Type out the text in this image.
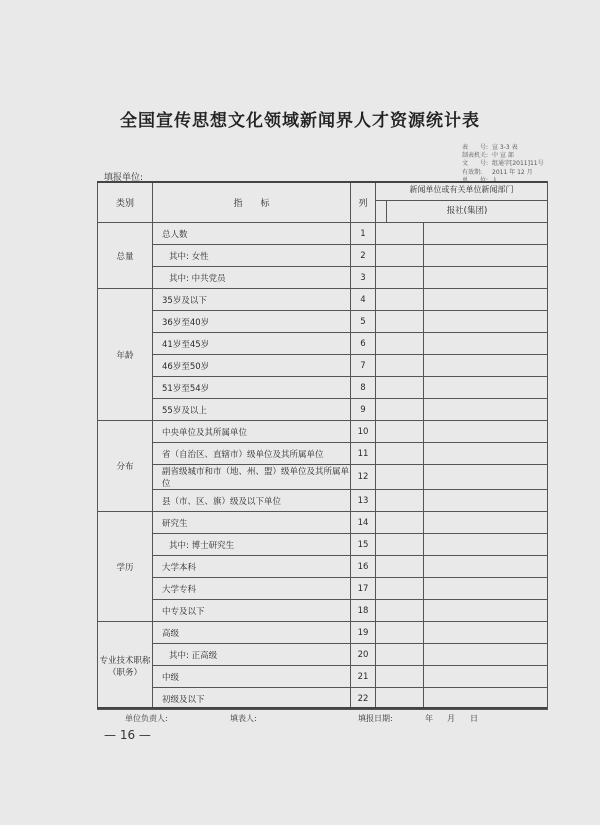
全国宣传思想文化领域新闻界人才资源统计表
表　　号: 宣 3-3 表
制表机关: 中 宣 部
文　　号: 组通字[2011]11号
有效期:	2011 年 12 月
单　　位: 人
填报单位:
类别	指　　标	列	新闻单位或有关单位新闻部门
报社(集团)	

总量	总人数	1		
	其中: 女性	2		
	其中: 中共党员	3		
年龄	35岁及以下	4		
	36岁至40岁	5		
	41岁至45岁	6		
	46岁至50岁	7		
	51岁至54岁	8		
	55岁及以上	9		
分布	中央单位及其所属单位	10		
	省（自治区、直辖市）级单位及其所属单位	11		
	副省级城市和市（地、州、盟）级单位及其所属单位	12		
	县（市、区、旗）级及以下单位	13		
学历	研究生	14		
	其中: 博士研究生	15		
	大学本科	16		
	大学专科	17		
	中专及以下	18		
专业技术职称（职务）	高级	19		
	其中: 正高级	20		
	中级	21		
	初级及以下	22		
单位负责人:	填表人:	填报日期:	年 月 日
— 16 —
